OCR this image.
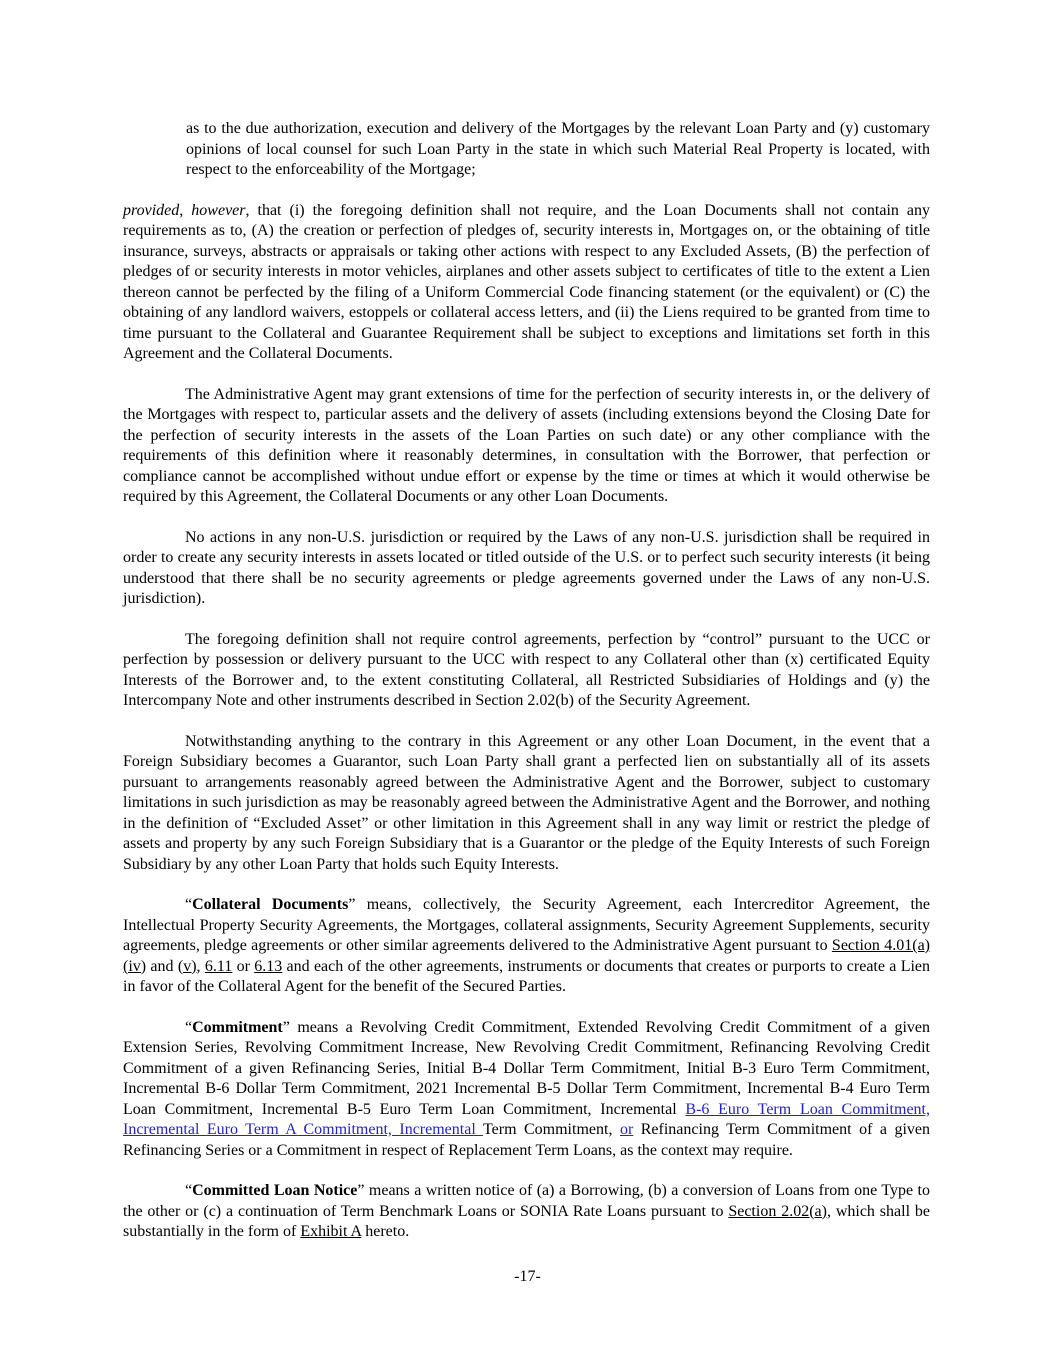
as to the due authorization, execution and delivery of the Mortgages by the relevant Loan Party and (y) customary opinions of local counsel for such Loan Party in the state in which such Material Real Property is located, with respect to the enforceability of the Mortgage;

provided, however, that (i) the foregoing definition shall not require, and the Loan Documents shall not contain any requirements as to, (A) the creation or perfection of pledges of, security interests in, Mortgages on, or the obtaining of title insurance, surveys, abstracts or appraisals or taking other actions with respect to any Excluded Assets, (B) the perfection of pledges of or security interests in motor vehicles, airplanes and other assets subject to certificates of title to the extent a Lien thereon cannot be perfected by the filing of a Uniform Commercial Code financing statement (or the equivalent) or (C) the obtaining of any landlord waivers, estoppels or collateral access letters, and (ii) the Liens required to be granted from time to time pursuant to the Collateral and Guarantee Requirement shall be subject to exceptions and limitations set forth in this Agreement and the Collateral Documents.

The Administrative Agent may grant extensions of time for the perfection of security interests in, or the delivery of the Mortgages with respect to, particular assets and the delivery of assets (including extensions beyond the Closing Date for the perfection of security interests in the assets of the Loan Parties on such date) or any other compliance with the requirements of this definition where it reasonably determines, in consultation with the Borrower, that perfection or compliance cannot be accomplished without undue effort or expense by the time or times at which it would otherwise be required by this Agreement, the Collateral Documents or any other Loan Documents.

No actions in any non-U.S. jurisdiction or required by the Laws of any non-U.S. jurisdiction shall be required in order to create any security interests in assets located or titled outside of the U.S. or to perfect such security interests (it being understood that there shall be no security agreements or pledge agreements governed under the Laws of any non-U.S. jurisdiction).

The foregoing definition shall not require control agreements, perfection by “control” pursuant to the UCC or perfection by possession or delivery pursuant to the UCC with respect to any Collateral other than (x) certificated Equity Interests of the Borrower and, to the extent constituting Collateral, all Restricted Subsidiaries of Holdings and (y) the Intercompany Note and other instruments described in Section 2.02(b) of the Security Agreement.

Notwithstanding anything to the contrary in this Agreement or any other Loan Document, in the event that a Foreign Subsidiary becomes a Guarantor, such Loan Party shall grant a perfected lien on substantially all of its assets pursuant to arrangements reasonably agreed between the Administrative Agent and the Borrower, subject to customary limitations in such jurisdiction as may be reasonably agreed between the Administrative Agent and the Borrower, and nothing in the definition of “Excluded Asset” or other limitation in this Agreement shall in any way limit or restrict the pledge of assets and property by any such Foreign Subsidiary that is a Guarantor or the pledge of the Equity Interests of such Foreign Subsidiary by any other Loan Party that holds such Equity Interests.

“Collateral Documents” means, collectively, the Security Agreement, each Intercreditor Agreement, the Intellectual Property Security Agreements, the Mortgages, collateral assignments, Security Agreement Supplements, security agreements, pledge agreements or other similar agreements delivered to the Administrative Agent pursuant to Section 4.01(a)(iv) and (v), 6.11 or 6.13 and each of the other agreements, instruments or documents that creates or purports to create a Lien in favor of the Collateral Agent for the benefit of the Secured Parties.

“Commitment” means a Revolving Credit Commitment, Extended Revolving Credit Commitment of a given Extension Series, Revolving Commitment Increase, New Revolving Credit Commitment, Refinancing Revolving Credit Commitment of a given Refinancing Series, Initial B-4 Dollar Term Commitment, Initial B-3 Euro Term Commitment, Incremental B-6 Dollar Term Commitment, 2021 Incremental B-5 Dollar Term Commitment, Incremental B-4 Euro Term Loan Commitment, Incremental B-5 Euro Term Loan Commitment, Incremental B-6 Euro Term Loan Commitment, Incremental Euro Term A Commitment, Incremental Term Commitment, or Refinancing Term Commitment of a given Refinancing Series or a Commitment in respect of Replacement Term Loans, as the context may require.

“Committed Loan Notice” means a written notice of (a) a Borrowing, (b) a conversion of Loans from one Type to the other or (c) a continuation of Term Benchmark Loans or SONIA Rate Loans pursuant to Section 2.02(a), which shall be substantially in the form of Exhibit A hereto.

-17-
